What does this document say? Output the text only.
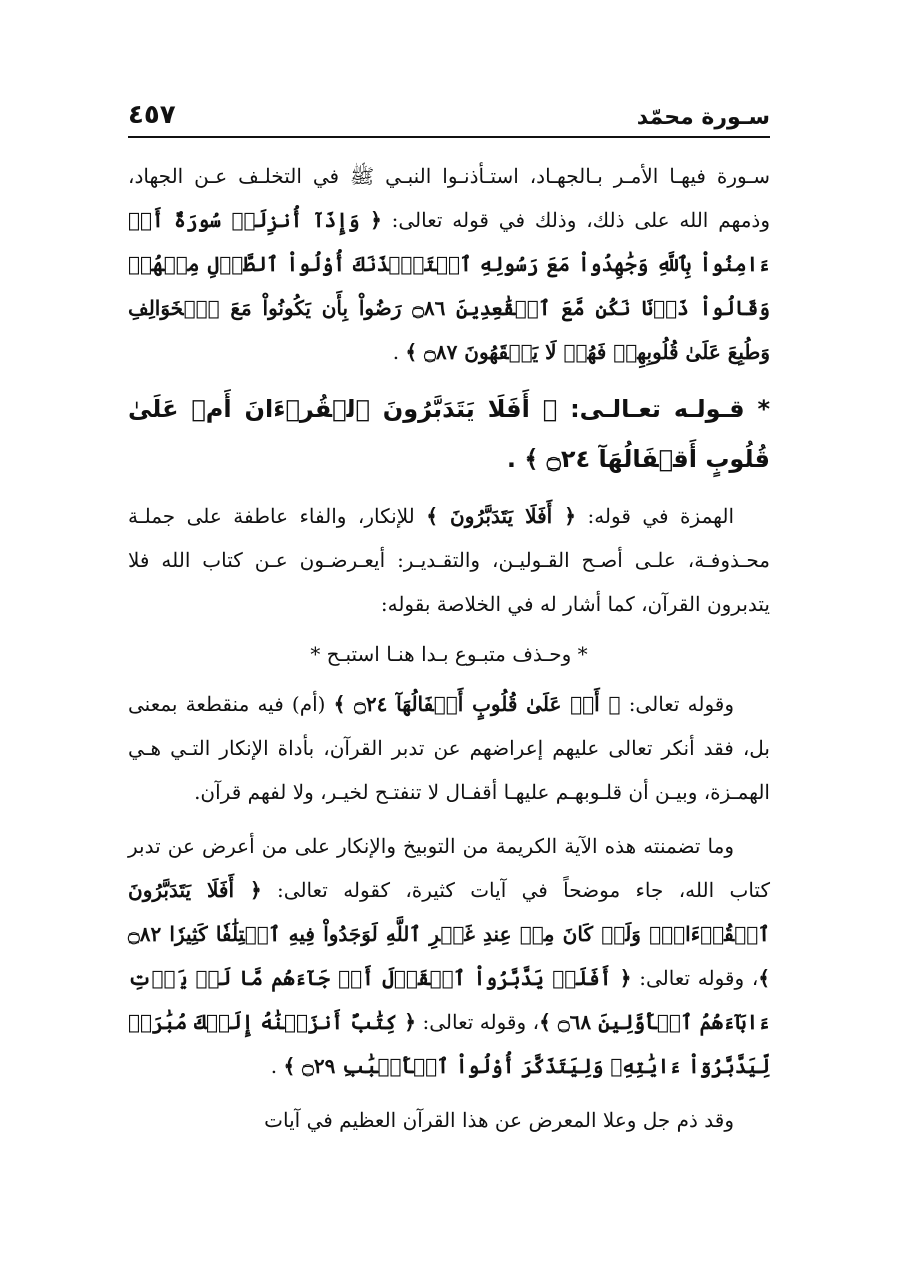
سـورة محمّد
٤٥٧

سـورة فيهـا الأمـر بـالجهـاد، استـأذنـوا النبـي ﷺ في التخلـف عـن الجهاد، وذمهم الله على ذلك، وذلك في قوله تعالى: ﴿ وَإِذَآ أُنزِلَتۡ سُورَةٌ أَنۡ ءَامِنُواْ بِٱللَّهِ وَجَٰهِدُواْ مَعَ رَسُولِهِ ٱسۡتَـٔۡذَنَكَ أُوْلُواْ ٱلطَّوۡلِ مِنۡهُمۡ وَقَالُواْ ذَرۡنَا نَكُن مَّعَ ٱلۡقَٰعِدِينَ ۝٨٦ رَضُواْ بِأَن يَكُونُواْ مَعَ ٱلۡخَوَالِفِ وَطُبِعَ عَلَىٰ قُلُوبِهِمۡ فَهُمۡ لَا يَفۡقَهُونَ ۝٨٧ ﴾ .

* قـولـه تعـالـى: ﴿ أَفَلَا يَتَدَبَّرُونَ ٱلۡقُرۡءَانَ أَمۡ عَلَىٰ قُلُوبٍ أَقۡفَالُهَآ ۝٢٤ ﴾ .

الهمزة في قوله: ﴿ أَفَلَا يَتَدَبَّرُونَ ﴾ للإنكار، والفاء عاطفة على جملـة محـذوفـة، علـى أصـح القـوليـن، والتقـديـر: أيعـرضـون عـن كتاب الله فلا يتدبرون القرآن، كما أشار له في الخلاصة بقوله:

* وحـذف متبـوع بـدا هنـا استبـح *

وقوله تعالى: ﴿ أَمۡ عَلَىٰ قُلُوبٍ أَقۡفَالُهَآ ۝٢٤ ﴾ (أم) فيه منقطعة بمعنى بل، فقد أنكر تعالى عليهم إعراضهم عن تدبر القرآن، بأداة الإنكار التـي هـي الهمـزة، وبيـن أن قلـوبهـم عليهـا أقفـال لا تنفتـح لخيـر، ولا لفهم قرآن.

وما تضمنته هذه الآية الكريمة من التوبيخ والإنكار على من أعرض عن تدبر كتاب الله، جاء موضحاً في آيات كثيرة، كقوله تعالى: ﴿ أَفَلَا يَتَدَبَّرُونَ ٱلۡقُرۡءَانَۚ وَلَوۡ كَانَ مِنۡ عِندِ غَيۡرِ ٱللَّهِ لَوَجَدُواْ فِيهِ ٱخۡتِلَٰفٗا كَثِيرٗا ۝٨٢ ﴾، وقوله تعالى: ﴿ أَفَلَمۡ يَدَّبَّرُواْ ٱلۡقَوۡلَ أَمۡ جَآءَهُم مَّا لَمۡ يَأۡتِ ءَابَآءَهُمُ ٱلۡأَوَّلِينَ ۝٦٨ ﴾، وقوله تعالى: ﴿ كِتَٰبٌ أَنزَلۡنَٰهُ إِلَيۡكَ مُبَٰرَكٞ لِّيَدَّبَّرُوٓاْ ءَايَٰتِهِۦ وَلِيَتَذَكَّرَ أُوْلُواْ ٱلۡأَلۡبَٰبِ ۝٢٩ ﴾ .

وقد ذم جل وعلا المعرض عن هذا القرآن العظيم في آيات
